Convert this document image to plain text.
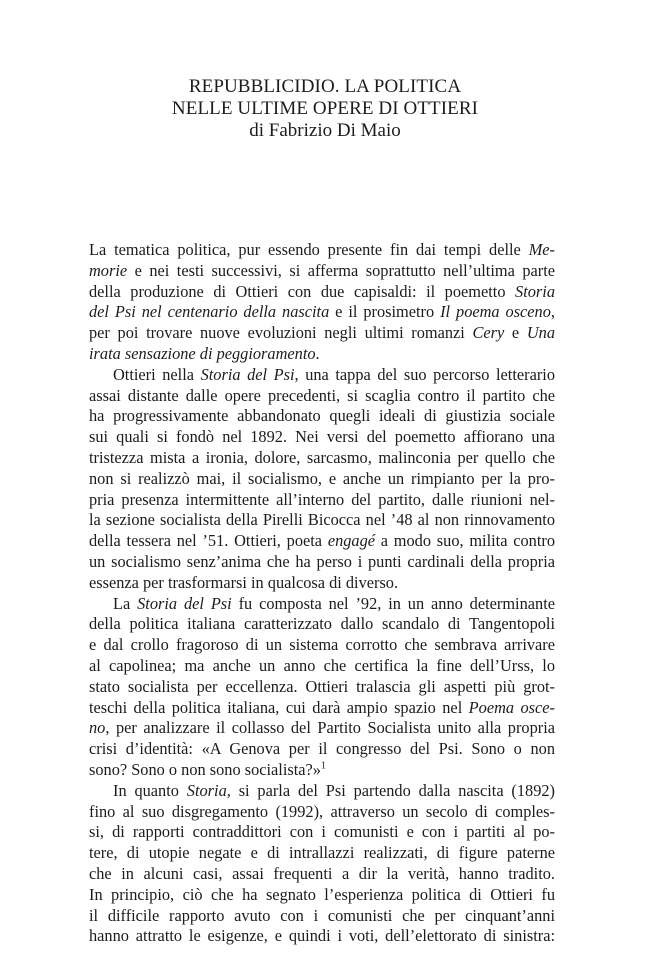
REPUBBLICIDIO. LA POLITICA
NELLE ULTIME OPERE DI OTTIERI
di Fabrizio Di Maio
La tematica politica, pur essendo presente fin dai tempi delle Me-
morie e nei testi successivi, si afferma soprattutto nell’ultima parte
della produzione di Ottieri con due capisaldi: il poemetto Storia
del Psi nel centenario della nascita e il prosimetro Il poema osceno,
per poi trovare nuove evoluzioni negli ultimi romanzi Cery e Una
irata sensazione di peggioramento.
Ottieri nella Storia del Psi, una tappa del suo percorso letterario
assai distante dalle opere precedenti, si scaglia contro il partito che
ha progressivamente abbandonato quegli ideali di giustizia sociale
sui quali si fondò nel 1892. Nei versi del poemetto affiorano una
tristezza mista a ironia, dolore, sarcasmo, malinconia per quello che
non si realizzò mai, il socialismo, e anche un rimpianto per la pro-
pria presenza intermittente all’interno del partito, dalle riunioni nel-
la sezione socialista della Pirelli Bicocca nel ’48 al non rinnovamento
della tessera nel ’51. Ottieri, poeta engagé a modo suo, milita contro
un socialismo senz’anima che ha perso i punti cardinali della propria
essenza per trasformarsi in qualcosa di diverso.
La Storia del Psi fu composta nel ’92, in un anno determinante
della politica italiana caratterizzato dallo scandalo di Tangentopoli
e dal crollo fragoroso di un sistema corrotto che sembrava arrivare
al capolinea; ma anche un anno che certifica la fine dell’Urss, lo
stato socialista per eccellenza. Ottieri tralascia gli aspetti più grot-
teschi della politica italiana, cui darà ampio spazio nel Poema osce-
no, per analizzare il collasso del Partito Socialista unito alla propria
crisi d’identità: «A Genova per il congresso del Psi. Sono o non
sono? Sono o non sono socialista?»$^1$
In quanto Storia, si parla del Psi partendo dalla nascita (1892)
fino al suo disgregamento (1992), attraverso un secolo di comples-
si, di rapporti contraddittori con i comunisti e con i partiti al po-
tere, di utopie negate e di intrallazzi realizzati, di figure paterne
che in alcuni casi, assai frequenti a dir la verità, hanno tradito.
In principio, ciò che ha segnato l’esperienza politica di Ottieri fu
il difficile rapporto avuto con i comunisti che per cinquant’anni
hanno attratto le esigenze, e quindi i voti, dell’elettorato di sinistra:
